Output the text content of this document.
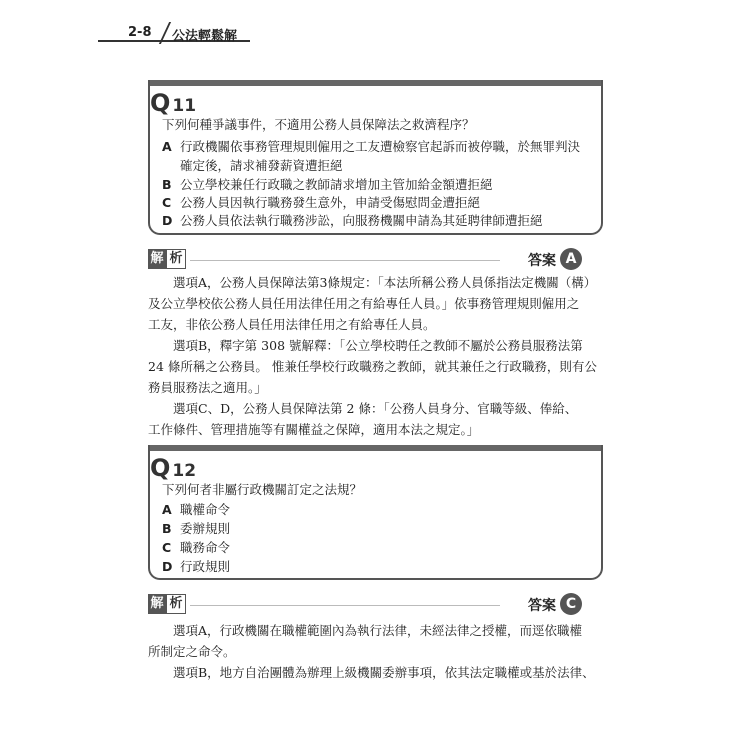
2-8 公法輕鬆解
Q 11
下列何種爭議事件，不適用公務人員保障法之救濟程序？
A 行政機關依事務管理規則僱用之工友遭檢察官起訴而被停職，於無罪判決
確定後，請求補發薪資遭拒絕
B 公立學校兼任行政職之教師請求增加主管加給金額遭拒絕
C 公務人員因執行職務發生意外，申請受傷慰問金遭拒絕
D 公務人員依法執行職務涉訟，向服務機關申請為其延聘律師遭拒絕
解 析	答案 A
　　選項A，公務人員保障法第3條規定：「本法所稱公務人員係指法定機關（構）
及公立學校依公務人員任用法律任用之有給專任人員。」依事務管理規則僱用之
工友，非依公務人員任用法律任用之有給專任人員。
　　選項B，釋字第 308 號解釋：「公立學校聘任之教師不屬於公務員服務法第
24 條所稱之公務員。 惟兼任學校行政職務之教師，就其兼任之行政職務，則有公
務員服務法之適用。」
　　選項C、D，公務人員保障法第 2 條：「公務人員身分、官職等級、俸給、
工作條件、管理措施等有關權益之保障，適用本法之規定。」
Q 12
下列何者非屬行政機關訂定之法規？
A 職權命令
B 委辦規則
C 職務命令
D 行政規則
解 析	答案 C
　　選項A，行政機關在職權範圍內為執行法律，未經法律之授權，而逕依職權
所制定之命令。
　　選項B，地方自治團體為辦理上級機關委辦事項，依其法定職權或基於法律、
